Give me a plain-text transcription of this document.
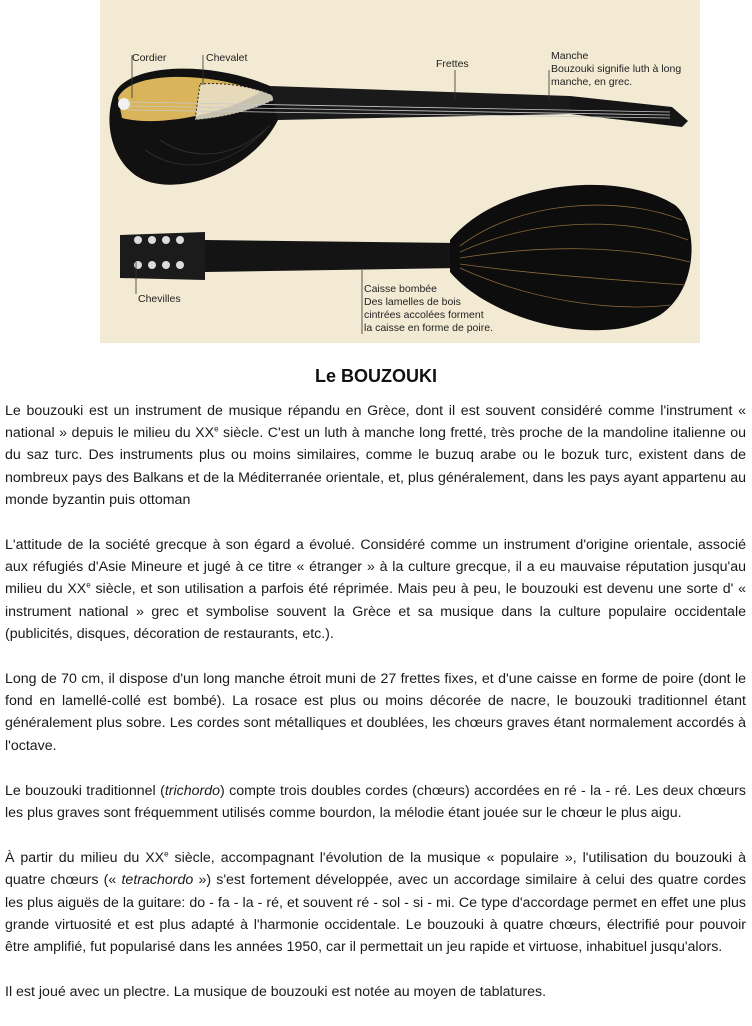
Cordier	Chevalet	Frettes
Manche
Bouzouki signifie luth à long
manche, en grec.
Chevilles
Caisse bombée
Des lamelles de bois
cintrées accolées forment
la caisse en forme de poire.
Le BOUZOUKI

Le bouzouki est un instrument de musique répandu en Grèce, dont il est souvent considéré comme l'instrument « national » depuis le milieu du XXe siècle. C'est un luth à manche long fretté, très proche de la mandoline italienne ou du saz turc. Des instruments plus ou moins similaires, comme le buzuq arabe ou le bozuk turc, existent dans de nombreux pays des Balkans et de la Méditerranée orientale, et, plus généralement, dans les pays ayant appartenu au monde byzantin puis ottoman

L'attitude de la société grecque à son égard a évolué. Considéré comme un instrument d'origine orientale, associé aux réfugiés d'Asie Mineure et jugé à ce titre « étranger » à la culture grecque, il a eu mauvaise réputation jusqu'au milieu du XXe siècle, et son utilisation a parfois été réprimée. Mais peu à peu, le bouzouki est devenu une sorte d' « instrument national » grec et symbolise souvent la Grèce et sa musique dans la culture populaire occidentale (publicités, disques, décoration de restaurants, etc.).

Long de 70 cm, il dispose d'un long manche étroit muni de 27 frettes fixes, et d'une caisse en forme de poire (dont le fond en lamellé-collé est bombé). La rosace est plus ou moins décorée de nacre, le bouzouki traditionnel étant généralement plus sobre. Les cordes sont métalliques et doublées, les chœurs graves étant normalement accordés à l'octave.

Le bouzouki traditionnel (trichordo) compte trois doubles cordes (chœurs) accordées en ré - la - ré. Les deux chœurs les plus graves sont fréquemment utilisés comme bourdon, la mélodie étant jouée sur le chœur le plus aigu.

À partir du milieu du XXe siècle, accompagnant l'évolution de la musique « populaire », l'utilisation du bouzouki à quatre chœurs (« tetrachordo ») s'est fortement développée, avec un accordage similaire à celui des quatre cordes les plus aiguës de la guitare: do - fa - la - ré, et souvent ré - sol - si - mi. Ce type d'accordage permet en effet une plus grande virtuosité et est plus adapté à l'harmonie occidentale. Le bouzouki à quatre chœurs, électrifié pour pouvoir être amplifié, fut popularisé dans les années 1950, car il permettait un jeu rapide et virtuose, inhabituel jusqu'alors.

Il est joué avec un plectre. La musique de bouzouki est notée au moyen de tablatures.
